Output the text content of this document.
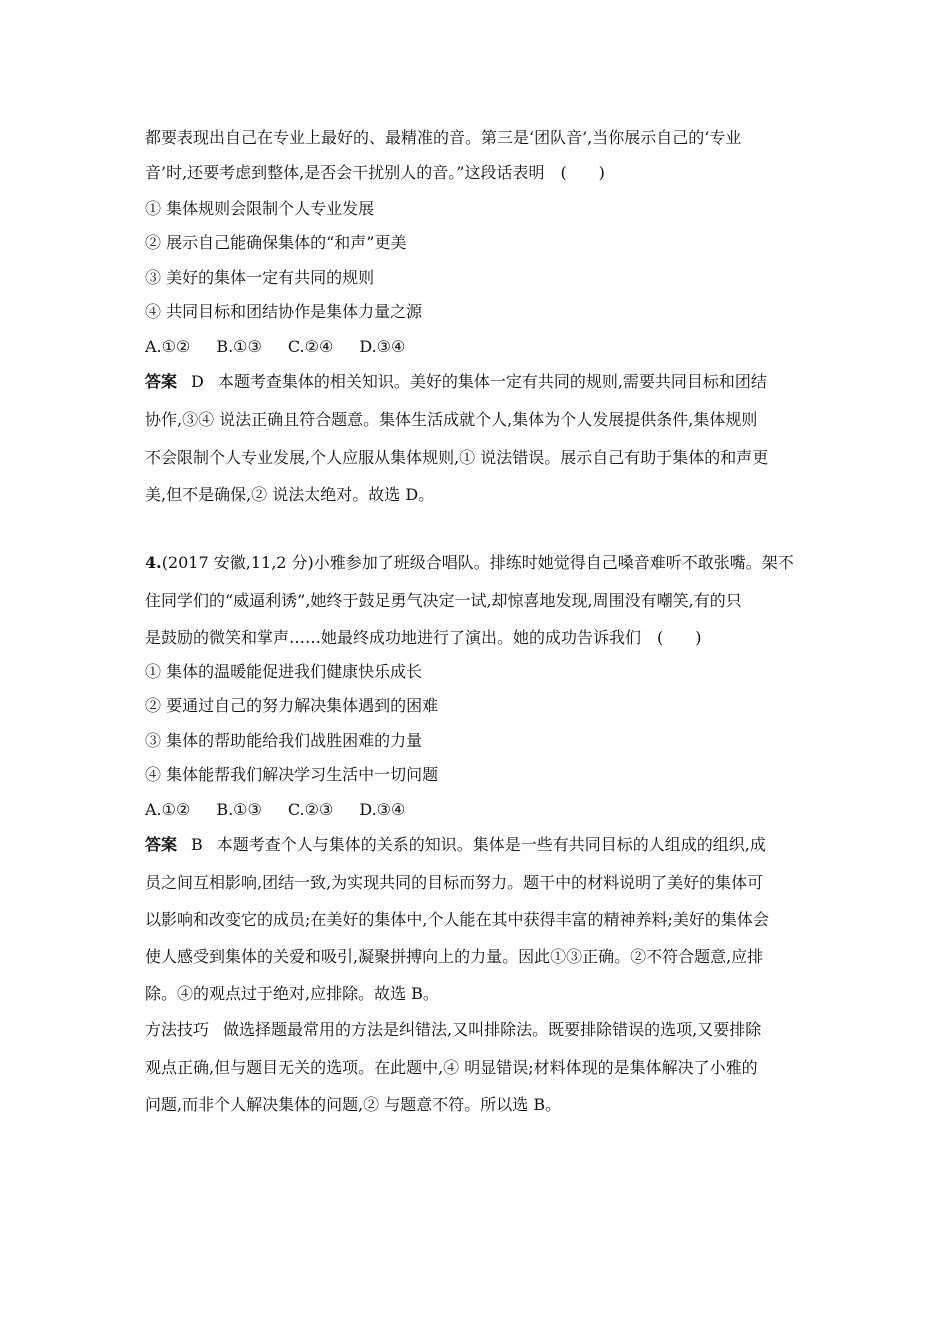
都要表现出自己在专业上最好的、最精准的音。第三是‘团队音’,当你展示自己的‘专业
音’时,还要考虑到整体,是否会干扰别人的音。”这段话表明　(　　)
① 集体规则会限制个人专业发展
② 展示自己能确保集体的“和声”更美
③ 美好的集体一定有共同的规则
④ 共同目标和团结协作是集体力量之源
A.①② B.①③ C.②④ D.③④
答案 D 本题考查集体的相关知识。美好的集体一定有共同的规则,需要共同目标和团结
协作,③④ 说法正确且符合题意。集体生活成就个人,集体为个人发展提供条件,集体规则
不会限制个人专业发展,个人应服从集体规则,① 说法错误。展示自己有助于集体的和声更
美,但不是确保,② 说法太绝对。故选 D。
4.(2017 安徽,11,2 分)小雅参加了班级合唱队。排练时她觉得自己嗓音难听不敢张嘴。架不
住同学们的“威逼利诱”,她终于鼓足勇气决定一试,却惊喜地发现,周围没有嘲笑,有的只
是鼓励的微笑和掌声……她最终成功地进行了演出。她的成功告诉我们　(　　)
① 集体的温暖能促进我们健康快乐成长
② 要通过自己的努力解决集体遇到的困难
③ 集体的帮助能给我们战胜困难的力量
④ 集体能帮我们解决学习生活中一切问题
A.①② B.①③ C.②③ D.③④
答案 B 本题考查个人与集体的关系的知识。集体是一些有共同目标的人组成的组织,成
员之间互相影响,团结一致,为实现共同的目标而努力。题干中的材料说明了美好的集体可
以影响和改变它的成员;在美好的集体中,个人能在其中获得丰富的精神养料;美好的集体会
使人感受到集体的关爱和吸引,凝聚拼搏向上的力量。因此①③正确。②不符合题意,应排
除。④的观点过于绝对,应排除。故选 B。
方法技巧 做选择题最常用的方法是纠错法,又叫排除法。既要排除错误的选项,又要排除
观点正确,但与题目无关的选项。在此题中,④ 明显错误;材料体现的是集体解决了小雅的
问题,而非个人解决集体的问题,② 与题意不符。所以选 B。
